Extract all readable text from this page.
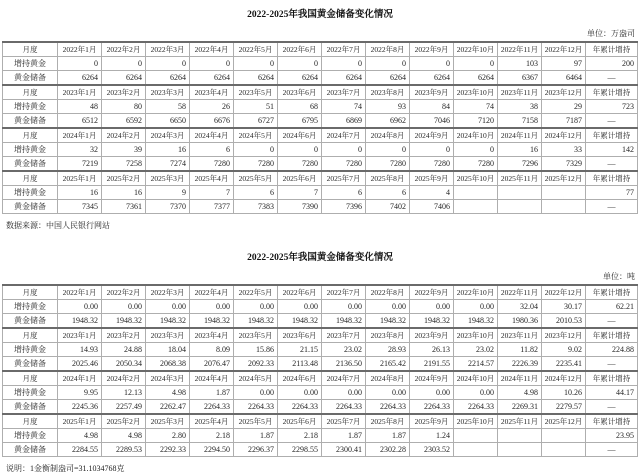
2022-2025年我国黄金储备变化情况
单位：万盎司
月度	2022年1月	2022年2月	2022年3月	2022年4月	2022年5月	2022年6月	2022年7月	2022年8月	2022年9月	2022年10月	2022年11月	2022年12月	年累计增持
增持黄金	0	0	0	0	0	0	0	0	0	0	103	97	200
黄金储备	6264	6264	6264	6264	6264	6264	6264	6264	6264	6264	6367	6464	—
月度	2023年1月	2023年2月	2023年3月	2023年4月	2023年5月	2023年6月	2023年7月	2023年8月	2023年9月	2023年10月	2023年11月	2023年12月	年累计增持
增持黄金	48	80	58	26	51	68	74	93	84	74	38	29	723
黄金储备	6512	6592	6650	6676	6727	6795	6869	6962	7046	7120	7158	7187	—
月度	2024年1月	2024年2月	2024年3月	2024年4月	2024年5月	2024年6月	2024年7月	2024年8月	2024年9月	2024年10月	2024年11月	2024年12月	年累计增持
增持黄金	32	39	16	6	0	0	0	0	0	0	16	33	142
黄金储备	7219	7258	7274	7280	7280	7280	7280	7280	7280	7280	7296	7329	—
月度	2025年1月	2025年2月	2025年3月	2025年4月	2025年5月	2025年6月	2025年7月	2025年8月	2025年9月	2025年10月	2025年11月	2025年12月	年累计增持
增持黄金	16	16	9	7	6	7	6	6	4				77
黄金储备	7345	7361	7370	7377	7383	7390	7396	7402	7406				—
数据来源：中国人民银行网站
2022-2025年我国黄金储备变化情况
单位：吨
月度	2022年1月	2022年2月	2022年3月	2022年4月	2022年5月	2022年6月	2022年7月	2022年8月	2022年9月	2022年10月	2022年11月	2022年12月	年累计增持
增持黄金	0.00	0.00	0.00	0.00	0.00	0.00	0.00	0.00	0.00	0.00	32.04	30.17	62.21
黄金储备	1948.32	1948.32	1948.32	1948.32	1948.32	1948.32	1948.32	1948.32	1948.32	1948.32	1980.36	2010.53	—
月度	2023年1月	2023年2月	2023年3月	2023年4月	2023年5月	2023年6月	2023年7月	2023年8月	2023年9月	2023年10月	2023年11月	2023年12月	年累计增持
增持黄金	14.93	24.88	18.04	8.09	15.86	21.15	23.02	28.93	26.13	23.02	11.82	9.02	224.88
黄金储备	2025.46	2050.34	2068.38	2076.47	2092.33	2113.48	2136.50	2165.42	2191.55	2214.57	2226.39	2235.41	—
月度	2024年1月	2024年2月	2024年3月	2024年4月	2024年5月	2024年6月	2024年7月	2024年8月	2024年9月	2024年10月	2024年11月	2024年12月	年累计增持
增持黄金	9.95	12.13	4.98	1.87	0.00	0.00	0.00	0.00	0.00	0.00	4.98	10.26	44.17
黄金储备	2245.36	2257.49	2262.47	2264.33	2264.33	2264.33	2264.33	2264.33	2264.33	2264.33	2269.31	2279.57	—
月度	2025年1月	2025年2月	2025年3月	2025年4月	2025年5月	2025年6月	2025年7月	2025年8月	2025年9月	2025年10月	2025年11月	2025年12月	年累计增持
增持黄金	4.98	4.98	2.80	2.18	1.87	2.18	1.87	1.87	1.24				23.95
黄金储备	2284.55	2289.53	2292.33	2294.50	2296.37	2298.55	2300.41	2302.28	2303.52				—
说明：1金衡制盎司=31.1034768克
